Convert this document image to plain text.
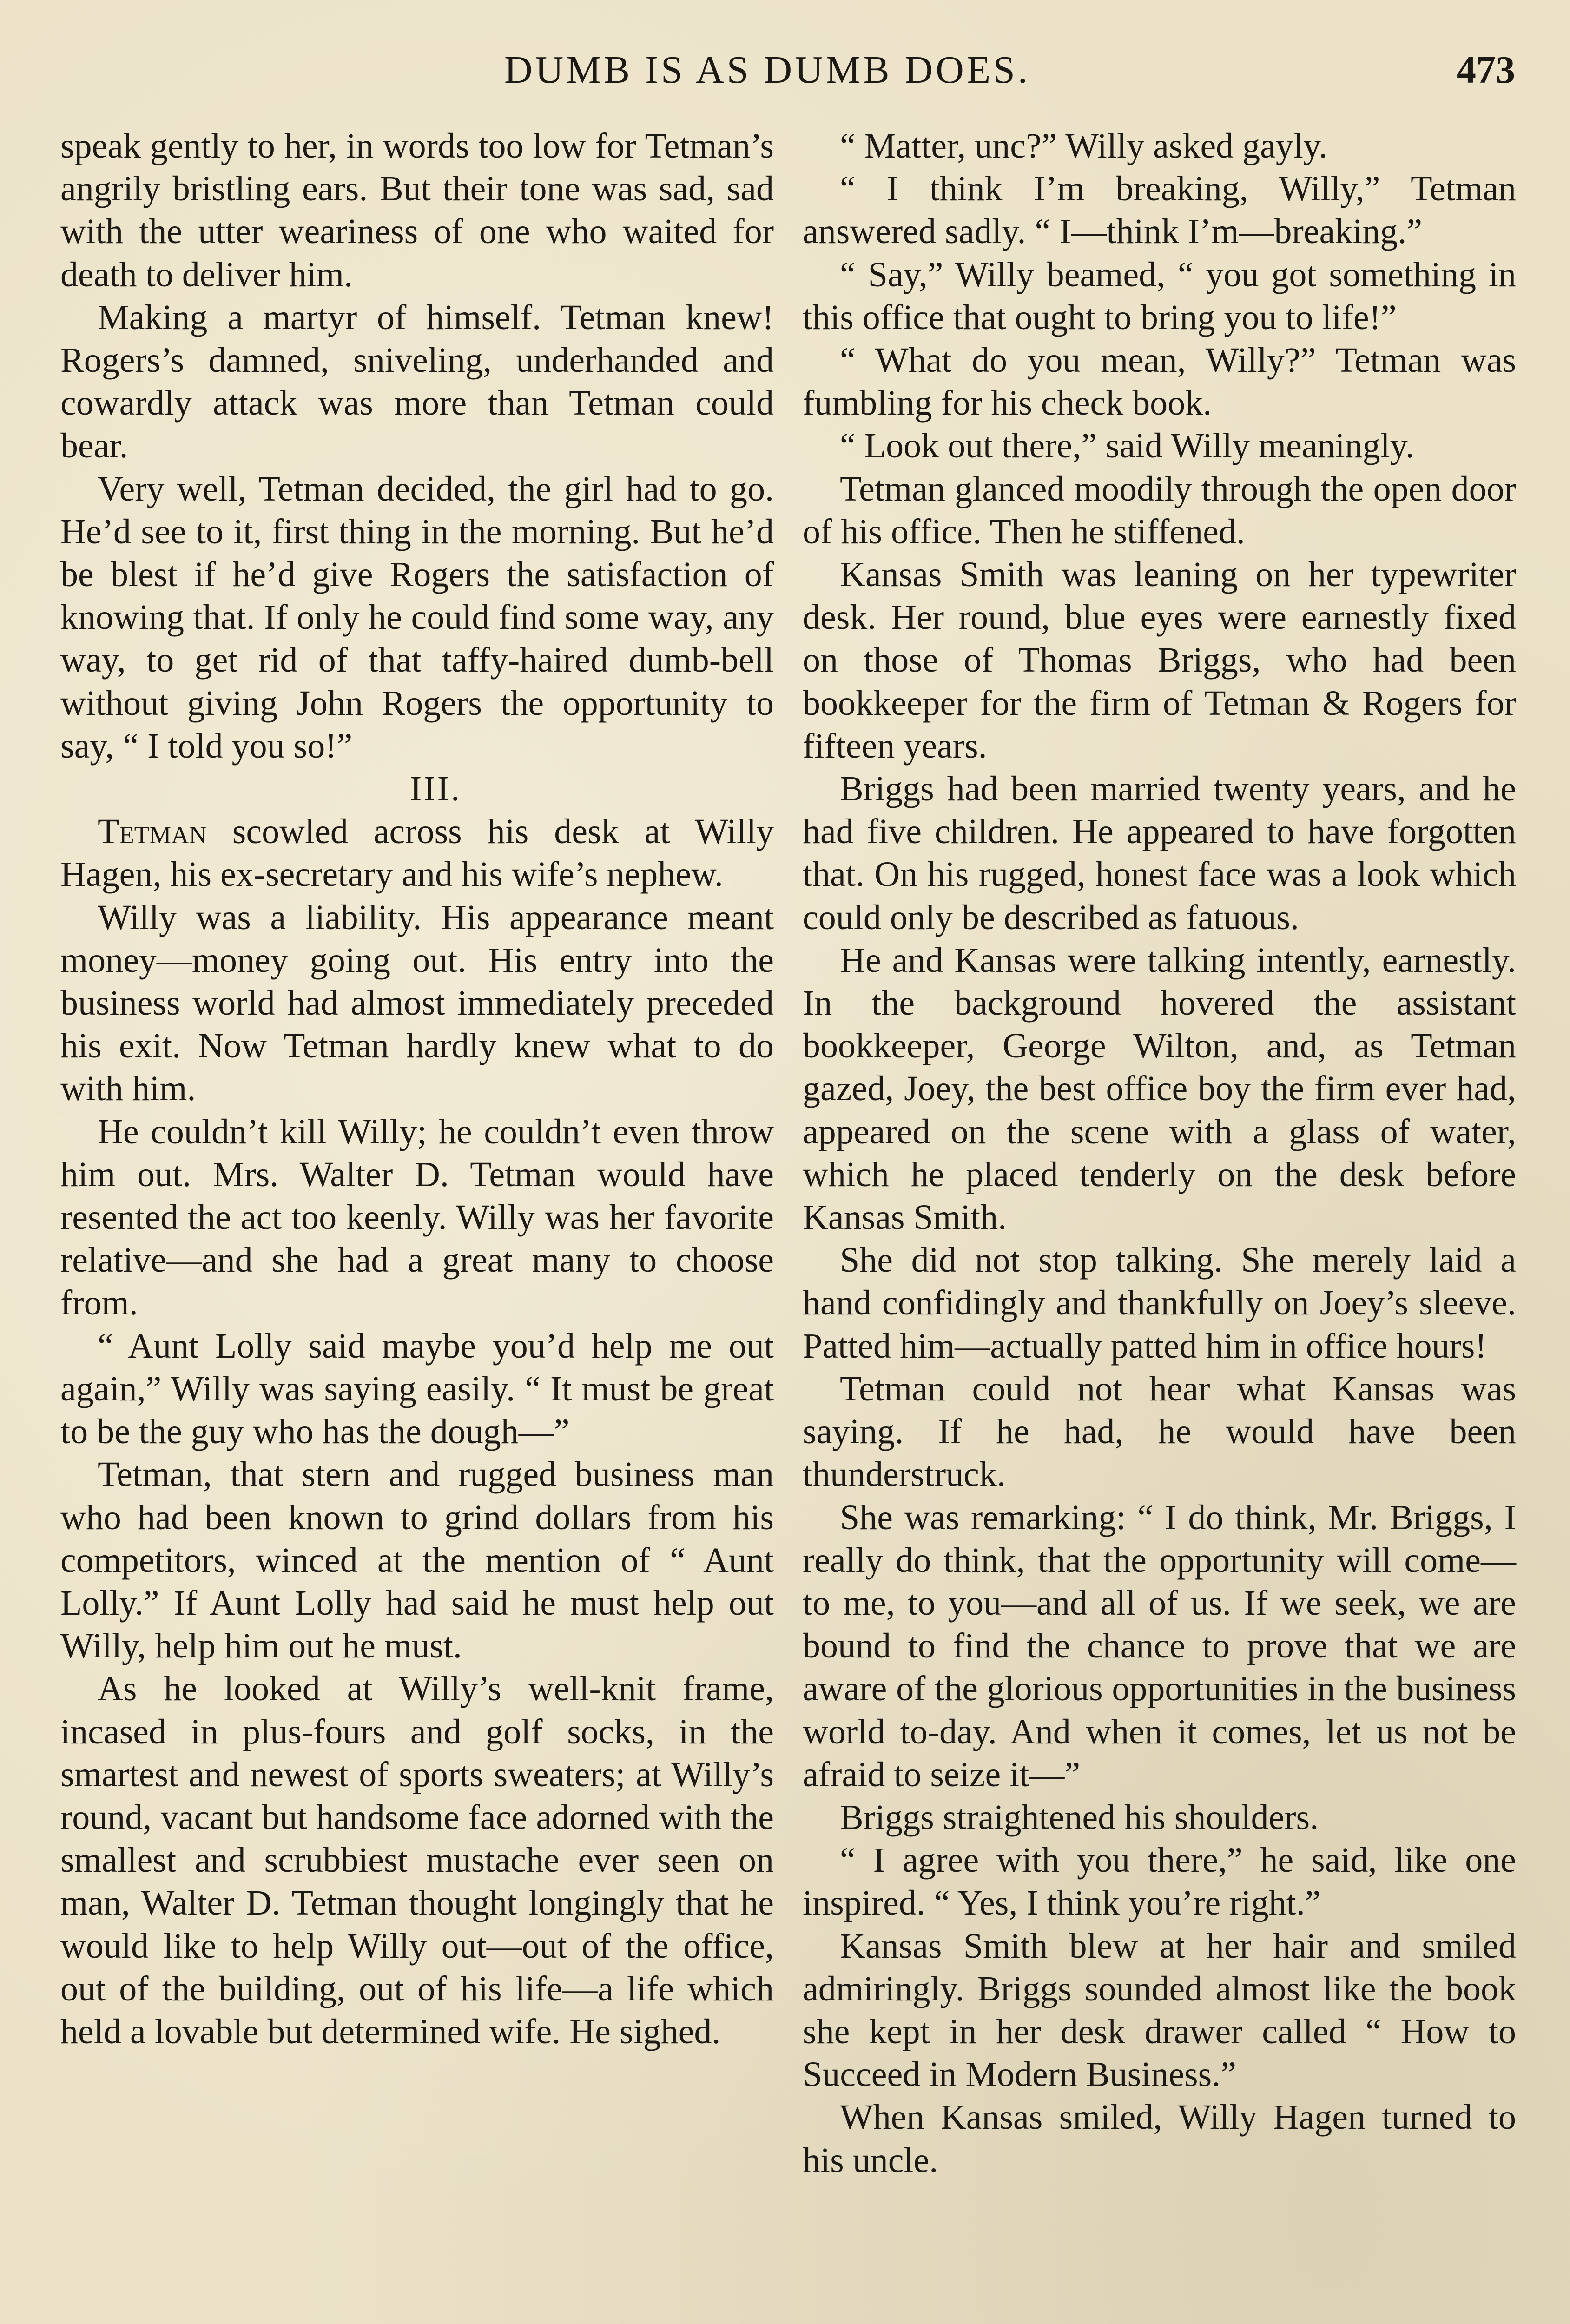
DUMB IS AS DUMB DOES.	473

speak gently to her, in words too low for Tetman’s angrily bristling ears. But their tone was sad, sad with the utter weariness of one who waited for death to deliver him.

Making a martyr of himself. Tetman knew! Rogers’s damned, sniveling, underhanded and cowardly attack was more than Tetman could bear.

Very well, Tetman decided, the girl had to go. He’d see to it, first thing in the morning. But he’d be blest if he’d give Rogers the satisfaction of knowing that. If only he could find some way, any way, to get rid of that taffy-haired dumb-bell without giving John Rogers the opportunity to say, “ I told you so!”

III.

Tetman scowled across his desk at Willy Hagen, his ex-secretary and his wife’s nephew.

Willy was a liability. His appearance meant money—money going out. His entry into the business world had almost immediately preceded his exit. Now Tetman hardly knew what to do with him.

He couldn’t kill Willy; he couldn’t even throw him out. Mrs. Walter D. Tetman would have resented the act too keenly. Willy was her favorite relative—and she had a great many to choose from.

“ Aunt Lolly said maybe you’d help me out again,” Willy was saying easily. “ It must be great to be the guy who has the dough—”

Tetman, that stern and rugged business man who had been known to grind dollars from his competitors, winced at the mention of “ Aunt Lolly.” If Aunt Lolly had said he must help out Willy, help him out he must.

As he looked at Willy’s well-knit frame, incased in plus-fours and golf socks, in the smartest and newest of sports sweaters; at Willy’s round, vacant but handsome face adorned with the smallest and scrubbiest mustache ever seen on man, Walter D. Tetman thought longingly that he would like to help Willy out—out of the office, out of the building, out of his life—a life which held a lovable but determined wife. He sighed.

“ Matter, unc?” Willy asked gayly.

“ I think I’m breaking, Willy,” Tetman answered sadly. “ I—think I’m—breaking.”

“ Say,” Willy beamed, “ you got something in this office that ought to bring you to life!”

“ What do you mean, Willy?” Tetman was fumbling for his check book.

“ Look out there,” said Willy meaningly.

Tetman glanced moodily through the open door of his office. Then he stiffened.

Kansas Smith was leaning on her typewriter desk. Her round, blue eyes were earnestly fixed on those of Thomas Briggs, who had been bookkeeper for the firm of Tetman & Rogers for fifteen years.

Briggs had been married twenty years, and he had five children. He appeared to have forgotten that. On his rugged, honest face was a look which could only be described as fatuous.

He and Kansas were talking intently, earnestly. In the background hovered the assistant bookkeeper, George Wilton, and, as Tetman gazed, Joey, the best office boy the firm ever had, appeared on the scene with a glass of water, which he placed tenderly on the desk before Kansas Smith.

She did not stop talking. She merely laid a hand confidingly and thankfully on Joey’s sleeve. Patted him—actually patted him in office hours!

Tetman could not hear what Kansas was saying. If he had, he would have been thunderstruck.

She was remarking: “ I do think, Mr. Briggs, I really do think, that the opportunity will come—to me, to you—and all of us. If we seek, we are bound to find the chance to prove that we are aware of the glorious opportunities in the business world to-day. And when it comes, let us not be afraid to seize it—”

Briggs straightened his shoulders.

“ I agree with you there,” he said, like one inspired. “ Yes, I think you’re right.”

Kansas Smith blew at her hair and smiled admiringly. Briggs sounded almost like the book she kept in her desk drawer called “ How to Succeed in Modern Business.”

When Kansas smiled, Willy Hagen turned to his uncle.
